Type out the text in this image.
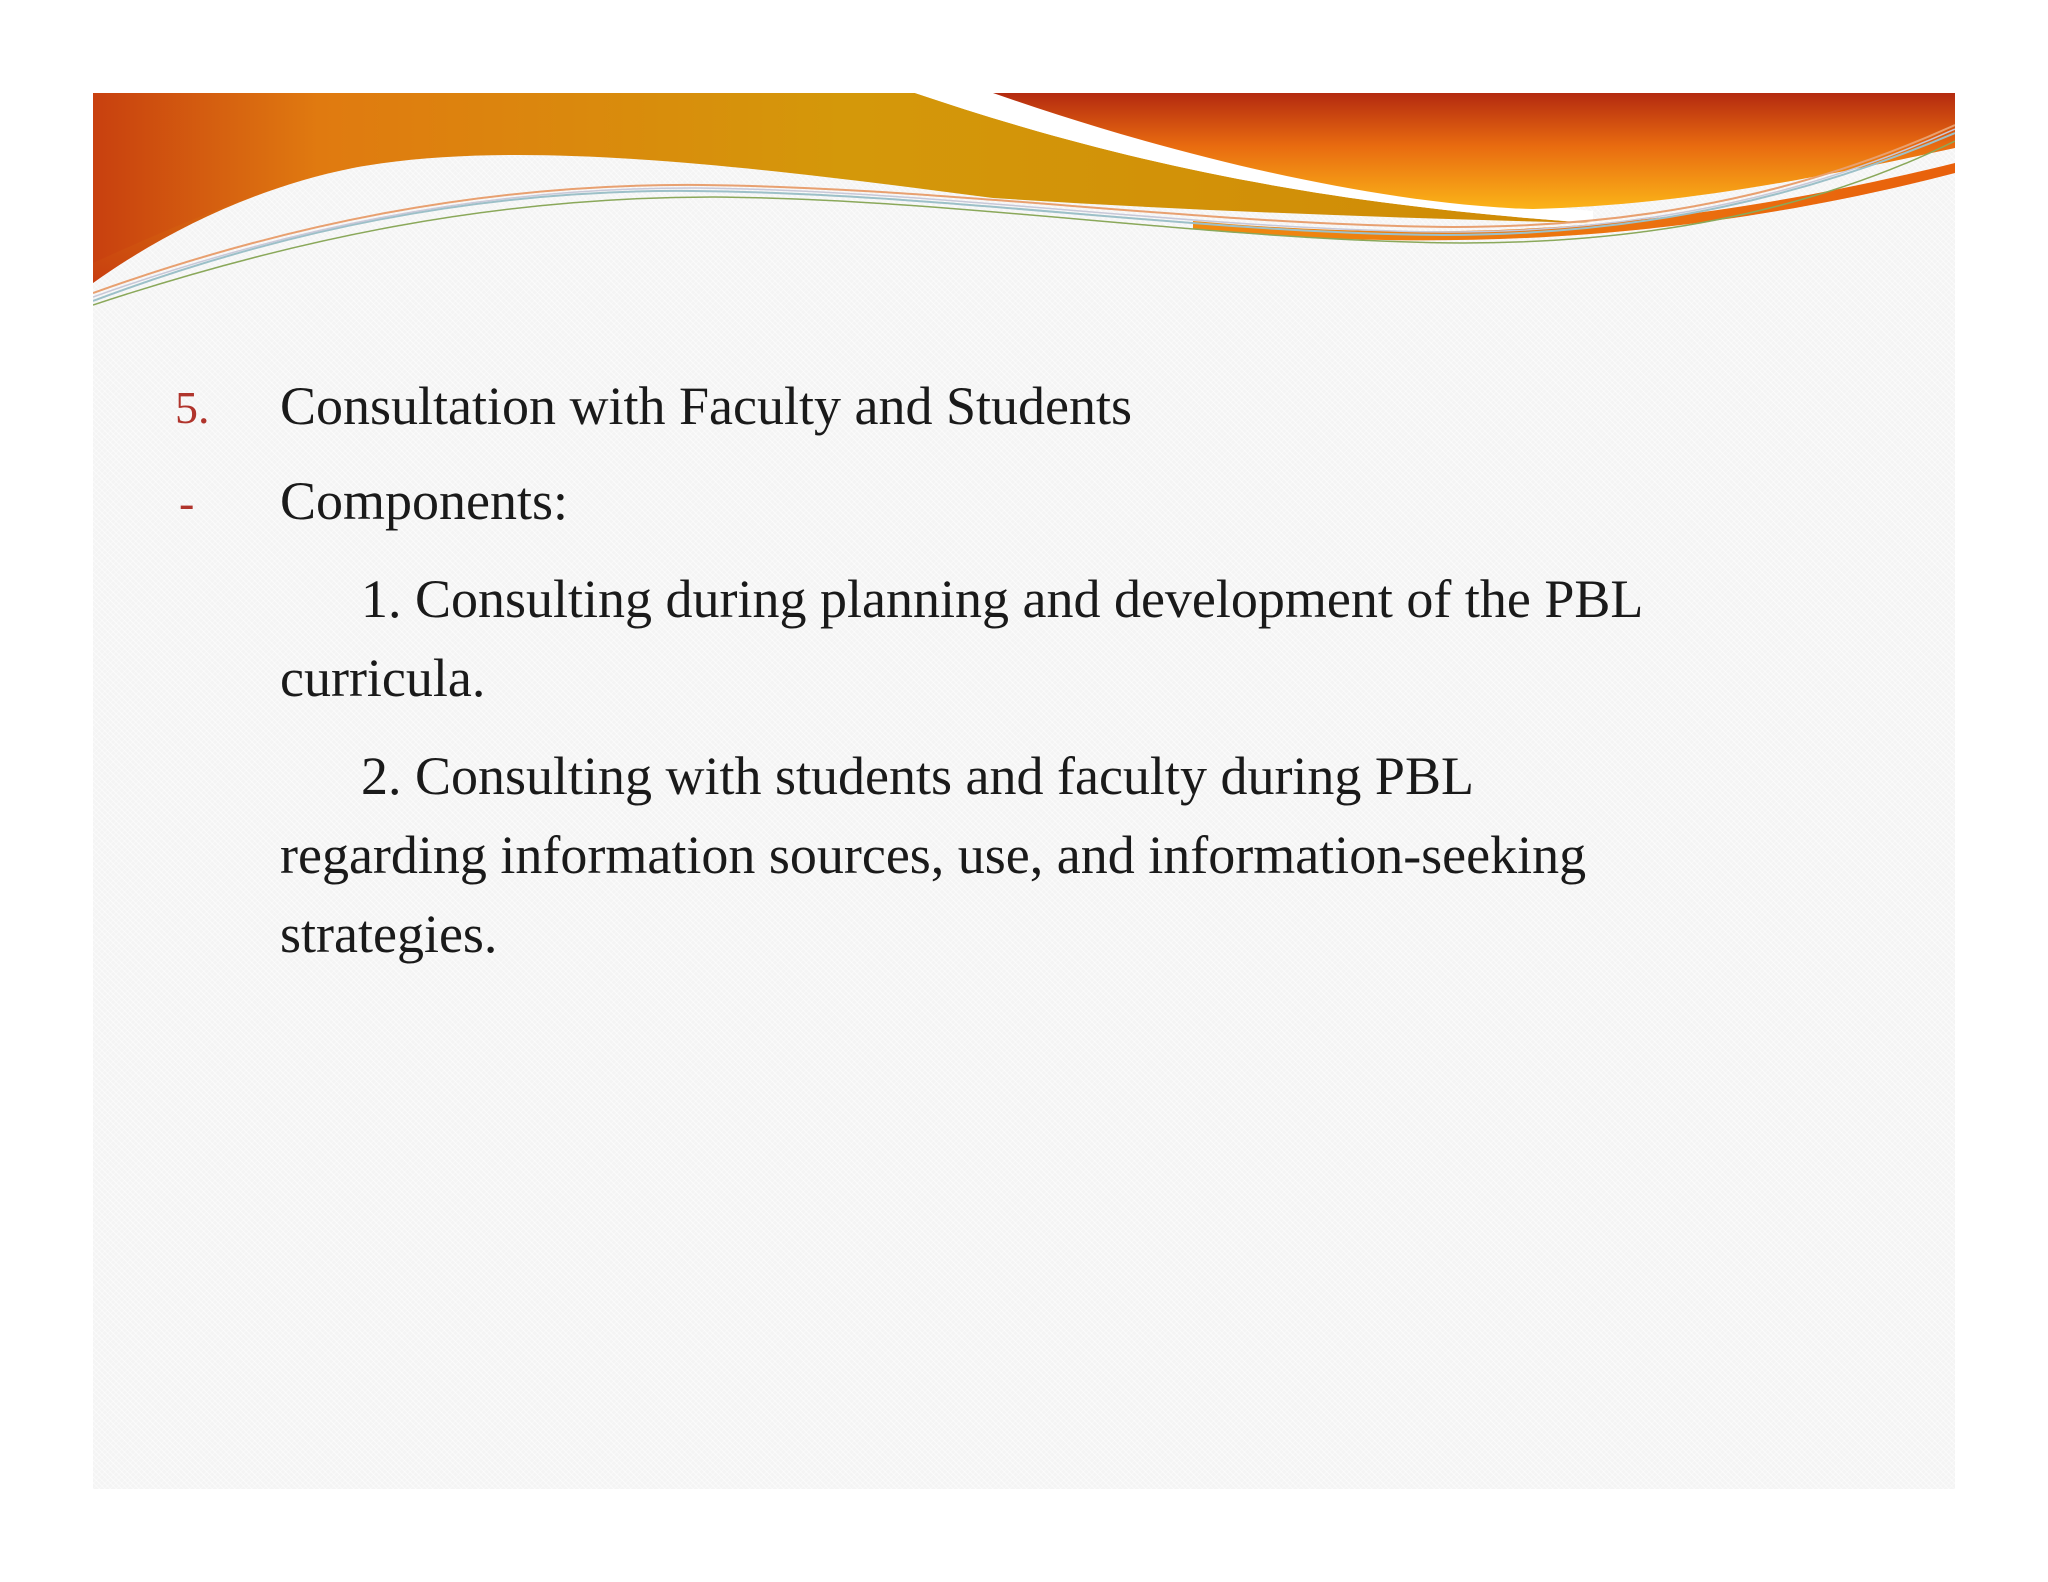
5. Consultation with Faculty and Students
- Components:
1. Consulting during planning and development of the PBL
curricula.
2. Consulting with students and faculty during PBL
regarding information sources, use, and information-seeking
strategies.
